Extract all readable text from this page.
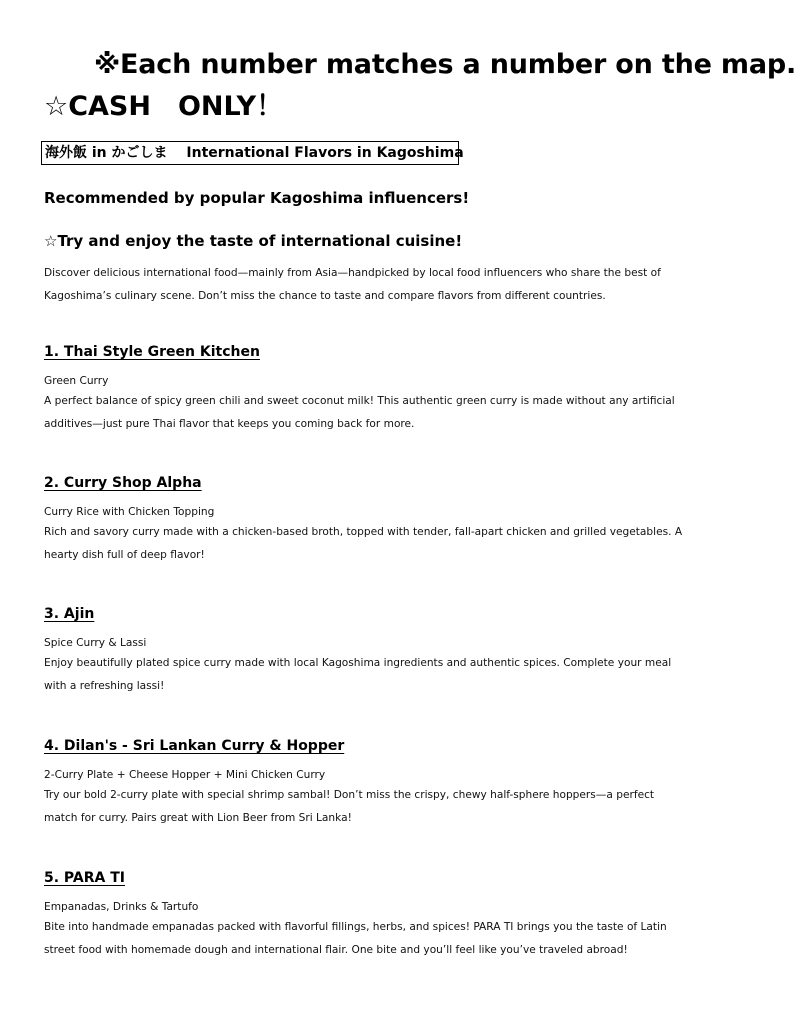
※Each number matches a number on the map.
☆CASH　ONLY！
海外飯 in かごしま　 International Flavors in Kagoshima
Recommended by popular Kagoshima influencers!
☆Try and enjoy the taste of international cuisine!
Discover delicious international food—mainly from Asia—handpicked by local food influencers who share the best of Kagoshima’s culinary scene. Don’t miss the chance to taste and compare flavors from different countries.
1. Thai Style Green Kitchen
Green Curry
A perfect balance of spicy green chili and sweet coconut milk! This authentic green curry is made without any artificial additives—just pure Thai flavor that keeps you coming back for more.
2. Curry Shop Alpha
Curry Rice with Chicken Topping
Rich and savory curry made with a chicken-based broth, topped with tender, fall-apart chicken and grilled vegetables. A hearty dish full of deep flavor!
3. Ajin
Spice Curry & Lassi
Enjoy beautifully plated spice curry made with local Kagoshima ingredients and authentic spices. Complete your meal with a refreshing lassi!
4. Dilan's - Sri Lankan Curry & Hopper
2-Curry Plate + Cheese Hopper + Mini Chicken Curry
Try our bold 2-curry plate with special shrimp sambal! Don’t miss the crispy, chewy half-sphere hoppers—a perfect match for curry. Pairs great with Lion Beer from Sri Lanka!
5. PARA TI
Empanadas, Drinks & Tartufo
Bite into handmade empanadas packed with flavorful fillings, herbs, and spices! PARA TI brings you the taste of Latin street food with homemade dough and international flair. One bite and you’ll feel like you’ve traveled abroad!
